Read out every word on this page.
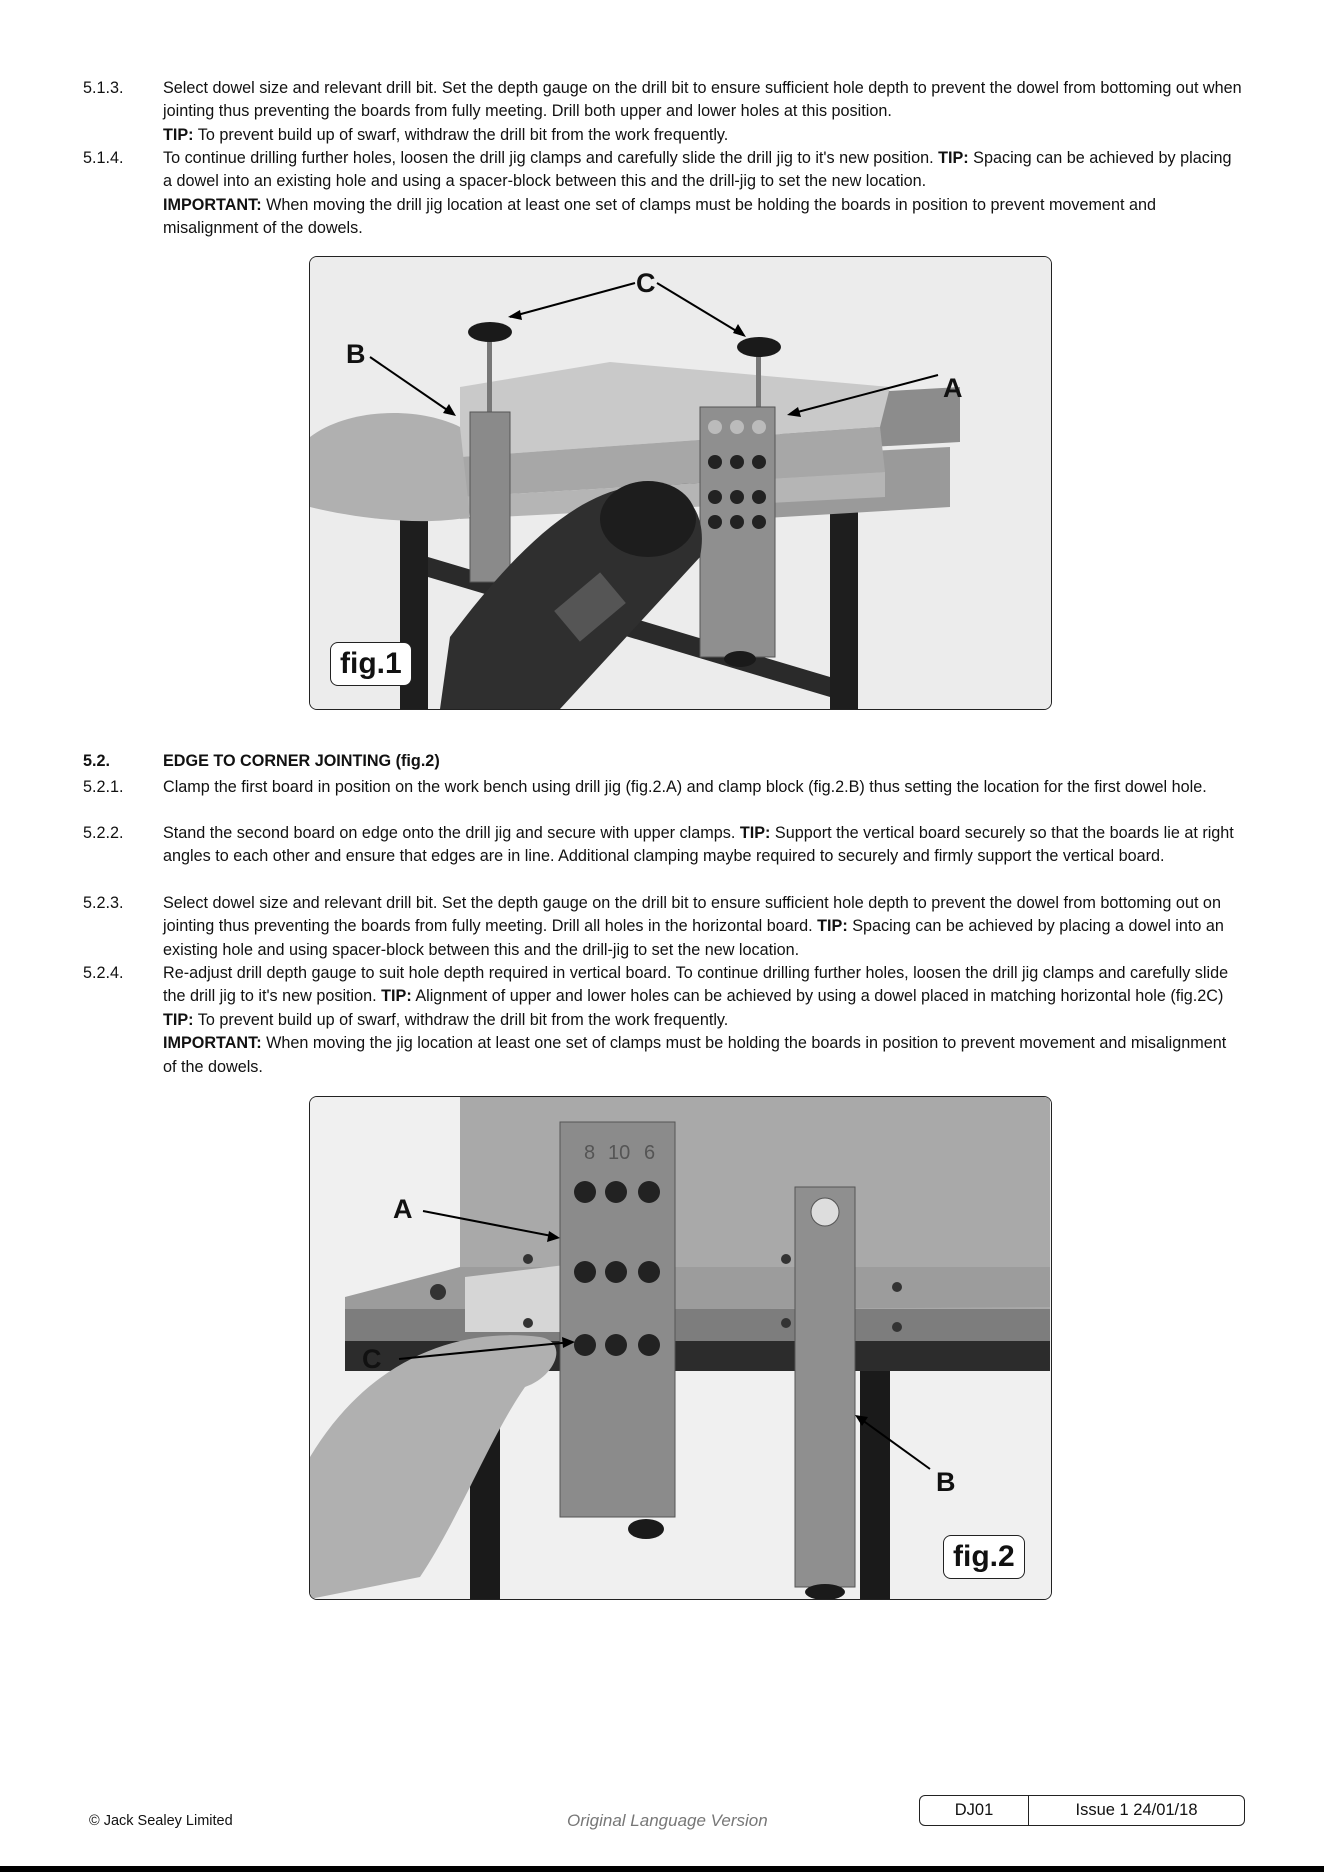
5.1.3. Select dowel size and relevant drill bit. Set the depth gauge on the drill bit to ensure sufficient hole depth to prevent the dowel from bottoming out when jointing thus preventing the boards from fully meeting. Drill both upper and lower holes at this position.
TIP: To prevent build up of swarf, withdraw the drill bit from the work frequently.
5.1.4. To continue drilling further holes, loosen the drill jig clamps and carefully slide the drill jig to it's new position. TIP: Spacing can be achieved by placing a dowel into an existing hole and using a spacer-block between this and the drill-jig to set the new location.
IMPORTANT: When moving the drill jig location at least one set of clamps must be holding the boards in position to prevent movement and misalignment of the dowels.
C
B
A
fig.1
5.2.	EDGE TO CORNER JOINTING (fig.2)
5.2.1. Clamp the first board in position on the work bench using drill jig (fig.2.A) and clamp block (fig.2.B) thus setting the location for the first dowel hole.
5.2.2. Stand the second board on edge onto the drill jig and secure with upper clamps. TIP: Support the vertical board securely so that the boards lie at right angles to each other and ensure that edges are in line. Additional clamping maybe required to securely and firmly support the vertical board.
5.2.3. Select dowel size and relevant drill bit. Set the depth gauge on the drill bit to ensure sufficient hole depth to prevent the dowel from bottoming out on jointing thus preventing the boards from fully meeting. Drill all holes in the horizontal board. TIP: Spacing can be achieved by placing a dowel into an existing hole and using spacer-block between this and the drill-jig to set the new location.
5.2.4. Re-adjust drill depth gauge to suit hole depth required in vertical board. To continue drilling further holes, loosen the drill jig clamps and carefully slide the drill jig to it's new position. TIP: Alignment of upper and lower holes can be achieved by using a dowel placed in matching horizontal hole (fig.2C) TIP: To prevent build up of swarf, withdraw the drill bit from the work frequently.
IMPORTANT: When moving the jig location at least one set of clamps must be holding the boards in position to prevent movement and misalignment of the dowels.
8 10 6
A
C
B
fig.2
© Jack Sealey Limited	Original Language Version
DJ01	Issue 1 24/01/18
